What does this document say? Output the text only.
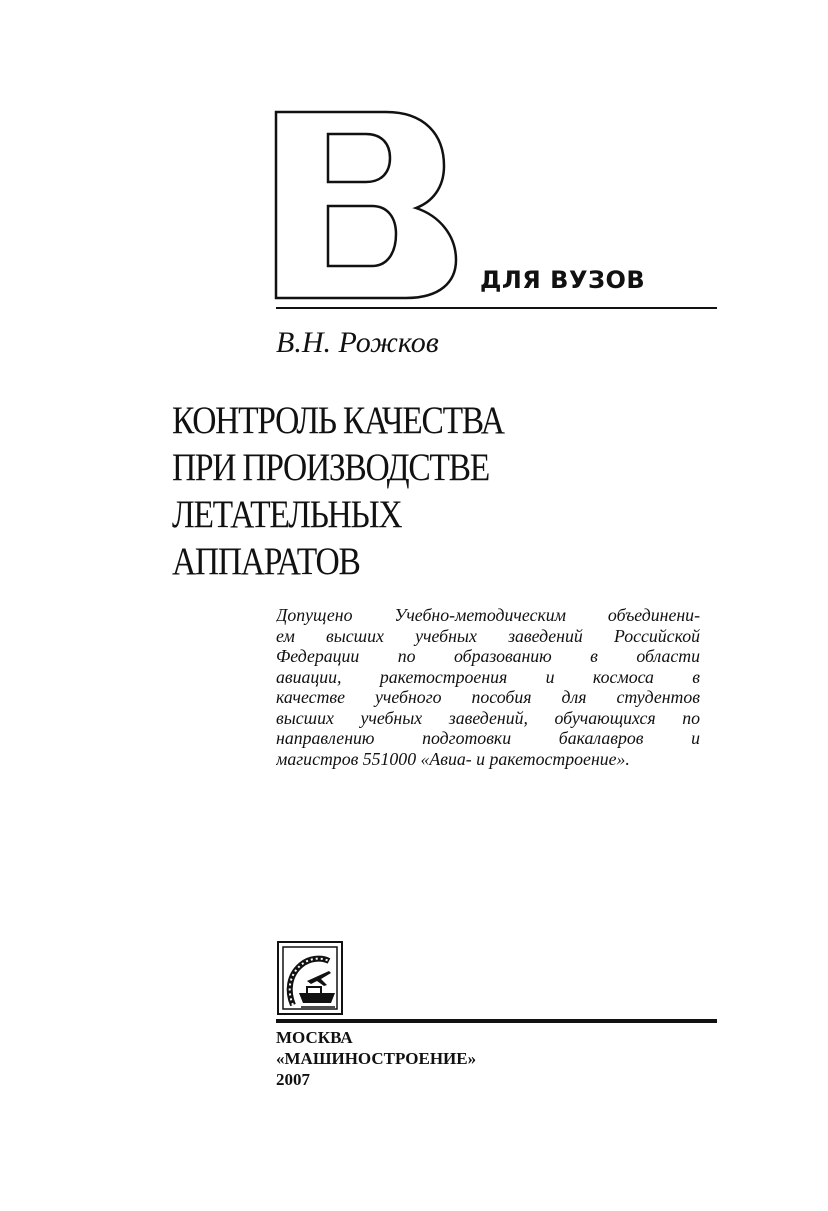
ДЛЯ ВУЗОВ
В.Н. Рожков
КОНТРОЛЬ КАЧЕСТВА
ПРИ ПРОИЗВОДСТВЕ
ЛЕТАТЕЛЬНЫХ
АППАРАТОВ

Допущено Учебно-методическим объединени-
ем высших учебных заведений Российской
Федерации по образованию в области
авиации, ракетостроения и космоса в
качестве учебного пособия для студентов
высших учебных заведений, обучающихся по
направлению подготовки бакалавров и
магистров 551000 «Авиа- и ракетостроение».

МОСКВА
«МАШИНОСТРОЕНИЕ»
2007
